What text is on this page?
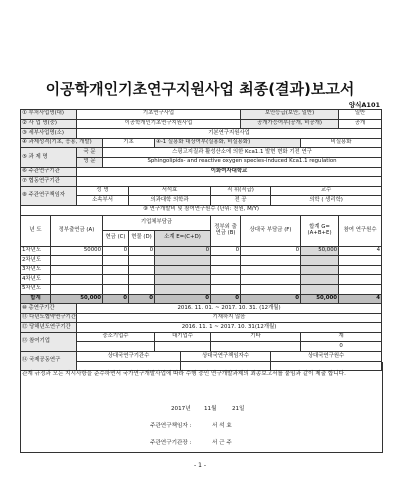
이공학개인기초연구지원사업 최종(결과)보고서
양식A101
① 부처사업명(대)		기초연구사업						보안등급(보안, 일반)			일반
② 사 업 명(중)		이공학개인기초연구지원사업						공개가능여부(공개, 비공개)			공개
③ 세부사업명(소)		기본연구지원사업									
④ 과제성격(기초, 응용, 개발)			기초		④-1 실용화 대상여부(실용화, 비실용화)					비실용화	
⑤ 과 제 명		국 문	스핑고지질과 활성산소에 의한 Kca1.1 발현 변화 기전 연구								
		영 문	Sphingolipids- and reactive oxygen species-induced Kca1.1 regulation								
⑥ 주관연구기관		이화여자대학교									
⑦ 협동연구기관											
⑧ 주관연구책임자		성 명		서석효			직 위(직급)		교수		
		소속부서		의과대학 의학과			전 공		의학 ( 생리학)		
⑨ 연구개발비 및 참여연구원수 (단위: 천원, M/Y)											
년 도	정부출연금 (A)		기업체부담금				정부외 출연금 (B)	상대국 부담금 (F)		합계 G=(A+B+E)	참여 연구원수
			현금 (C)	현물 (D)	소계 E=(C+D)						
1차년도	50000		0	0	0		0	0		50,000	4
2차년도											
3차년도											
4차년도											
5차년도											
합계	50,000		0	0	0		0	0		50,000	4
⑩ 총연구기간		2016. 11. 01. ~ 2017. 10. 31. (12개월)									
⑪ 다년도협약연구기간		기재하지 않음									
⑫ 당해년도연구기간		2016. 11. 1 ~ 2017. 10. 31(12개월)									
⑬ 참여기업		중소기업수			대기업수		기타			계	
										0	
⑭ 국제공동연구		상대국연구기관수				상대국연구책임자수			상대국연구원수		

관계 규정과 모든 지시사항을 준수하면서 국가연구개발사업에 따라 수행 중인 연구개발과제의 최종보고서를 붙임과 같이 제출 합니다.
2017년 11월	21일
주관연구책임자 :	서 석 효
주관연구기관장 :	서 근 주
- 1 -
